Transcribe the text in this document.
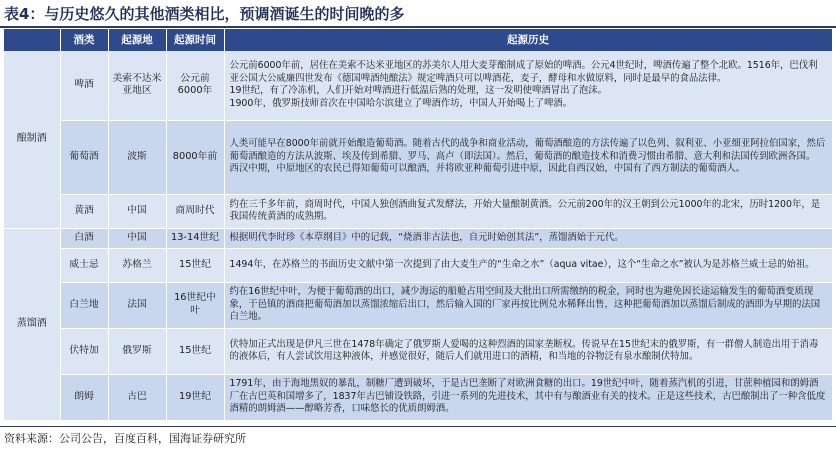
表4：与历史悠久的其他酒类相比，预调酒诞生的时间晚的多
	酒类	起源地	起源时间	起源历史
酿制酒	啤酒	美索不达米亚地区	公元前6000年	公元前6000年前，居住在美索不达米亚地区的苏美尔人用大麦芽酿制成了原始的啤酒。公元4世纪时，啤酒传遍了整个北欧。1516年，巴伐利亚公国大公威廉四世发布《德国啤酒纯酿法》规定啤酒只可以啤酒花，麦子，酵母和水做原料，同时是最早的食品法律。
19世纪，有了冷冻机，人们开始对啤酒进行低温后熟的处理，这一发明使啤酒冒出了泡沫。
1900年，俄罗斯技师首次在中国哈尔滨建立了啤酒作坊，中国人开始喝上了啤酒。
	葡萄酒	波斯	8000年前	人类可能早在8000年前就开始酿造葡萄酒。随着古代的战争和商业活动，葡萄酒酿造的方法传遍了以色列、叙利亚、小亚细亚阿拉伯国家，然后葡萄酒酿造的方法从波斯、埃及传到希腊、罗马、高卢（即法国）。然后，葡萄酒的酿造技术和消费习惯由希腊、意大利和法国传到欧洲各国。
西汉中期，中原地区的农民已得知葡萄可以酿酒，并将欧亚种葡萄引进中原，因此自西汉始，中国有了西方制法的葡萄酒人。
	黄酒	中国	商周时代	约在三千多年前，商周时代，中国人独创酒曲复式发酵法，开始大量酿制黄酒。公元前200年的汉王朝到公元1000年的北宋，历时1200年，是我国传统黄酒的成熟期。
蒸馏酒	白酒	中国	13-14世纪	根据明代李时珍《本草纲目》中的记载，“烧酒非古法也，自元时始创其法”，蒸馏酒始于元代。
	威士忌	苏格兰	15世纪	1494年，在苏格兰的书面历史文献中第一次提到了由大麦生产的“生命之水”（aqua vitae），这个“生命之水”被认为是苏格兰威士忌的始祖。
	白兰地	法国	16世纪中叶	约在16世纪中叶，为便于葡萄酒的出口，减少海运的船舱占用空间及大批出口所需缴纳的税金，同时也为避免因长途运输发生的葡萄酒变质现象，干邑镇的酒商把葡萄酒加以蒸馏浓缩后出口，然后输入国的厂家再按比例兑水稀释出售，这种把葡萄酒加以蒸馏后制成的酒即为早期的法国白兰地。
	伏特加	俄罗斯	15世纪	伏特加正式出现是伊凡三世在1478年确定了俄罗斯人爱喝的这种烈酒的国家垄断权。传说早在15世纪末的俄罗斯，有一群僧人制造出用于消毒的液体后，有人尝试饮用这种液体，并感觉很好，随后人们就用进口的酒精，和当地的谷物泛有泉水酿制伏特加。
	朗姆	古巴	19世纪	1791年，由于海地黑奴的暴乱，制糖厂遭到破坏，于是古巴垄断了对欧洲食糖的出口。19世纪中叶，随着蒸汽机的引进，甘蔗种植园和朗姆酒厂在古巴英和国增多了，1837年古巴铺设铁路，引进一系列的先进技术，其中有与酿酒业有关的技术。正是这些技术，古巴酿制出了一种含低度酒精的朗姆酒——醇略芳香，口味悠长的优质朗姆酒。
资料来源：公司公告，百度百科，国海证券研究所
